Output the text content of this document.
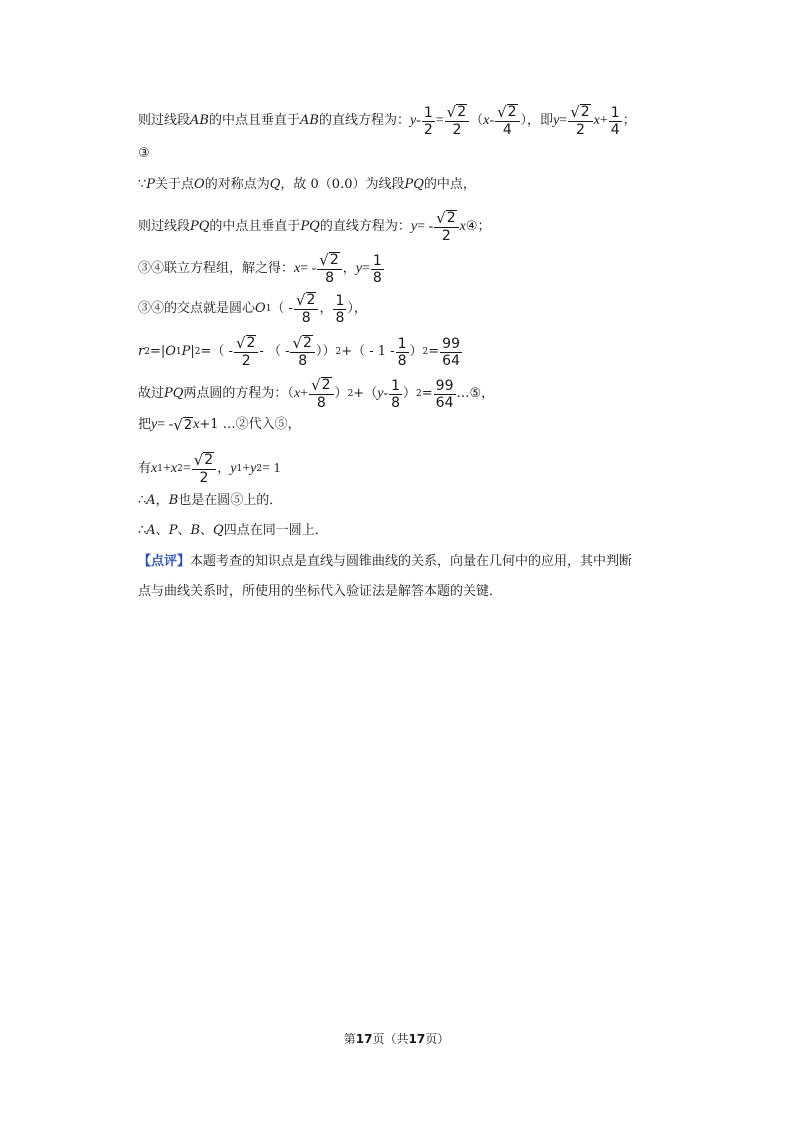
则过线段 AB 的中点且垂直于 AB 的直线方程为： $y - \frac{1}{2} = \frac{√ 2}{2}$ （ x - $\frac{√ 2}{4}$ ），即 $y = \frac{√ 2}{2}$ $x + \frac{1}{4}$ ；
③
∵ P 关于点 O 的对称点为 Q ，故 0（0.0）为线段 PQ 的中点，
则过线段 PQ 的中点且垂直于 PQ 的直线方程为： y = - $\frac{√ 2}{2}$ x ④ ；
③④联立方程组，解之得： x = - $\frac{√ 2}{8}$ ， $y = \frac{1}{8}$
③④的交点就是圆心 O 1 （ - $\frac{√ 2}{8}$ ， $\frac{1}{8}$ ），
r 2 =| O 1 P | 2 =（ - $\frac{√ 2}{2}$ - （ - $\frac{√ 2}{8}$ ）） 2 +（ - $1 - \frac{1}{8}$ ） $2 = \frac{99}{64}$
故过 PQ 两点圆的方程为：（ $x + \frac{√ 2}{8}$ ） 2 +（ y - $\frac{1}{8}$ ） $2 = \frac{99}{64}$ …⑤，
把 y = - √ 2 x +1 …②代入⑤，
有 x 1 + x $2 = \frac{√ 2}{2}$ ， y 1 + y 2 = 1
∴ A ， B 也是在圆⑤上的．
∴ A 、 P 、 B 、 Q 四点在同一圆上．
【点评】 本题考查的知识点是直线与圆锥曲线的关系，向量在几何中的应用，其中判断
点与曲线关系时，所使用的坐标代入验证法是解答本题的关键．
第17页（共17页）
